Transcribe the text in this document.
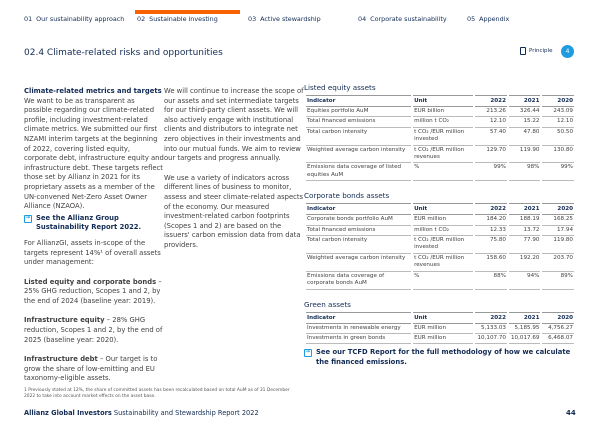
01 Our sustainability approach 02 Sustainable investing	03 Active stewardship	04 Corporate sustainability	05 Appendix
02.4 Climate-related risks and opportunities	Principle	4
Climate-related metrics and targets
We want to be as transparent as possible regarding our climate-related profile, including investment-related climate metrics. We submitted our first NZAMI interim targets at the beginning of 2022, covering listed equity, corporate debt, infrastructure equity and infrastructure debt. These targets reflect those set by Allianz in 2021 for its proprietary assets as a member of the UN-convened Net-Zero Asset Owner Alliance (NZAOA).
→
See the Allianz Group Sustainability Report 2022.
For AllianzGI, assets in-scope of the targets represent 14%¹ of overall assets under management:
Listed equity and corporate bonds – 25% GHG reduction, Scopes 1 and 2, by the end of 2024 (baseline year: 2019).
Infrastructure equity – 28% GHG reduction, Scopes 1 and 2, by the end of 2025 (baseline year: 2020).
Infrastructure debt – Our target is to grow the share of low-emitting and EU taxonomy-eligible assets.
We will continue to increase the scope of our assets and set intermediate targets for our third-party client assets. We will also actively engage with institutional clients and distributors to integrate net zero objectives in their investments and into our mutual funds. We aim to review our targets and progress annually.
We use a variety of indicators across different lines of business to monitor, assess and steer climate-related aspects of the economy. Our measured investment-related carbon footprints (Scopes 1 and 2) are based on the issuers' carbon emission data from data providers.
Listed equity assets
Indicator	Unit	2022	2021	2020
Equities portfolio AuM	EUR billion	213.26	326.44	243.09
Total financed emissions	million t CO₂	12.10	15.22	12.10
Total carbon intensity	t CO₂ /EUR million invested	57.40	47.80	50.50
Weighted average carbon intensity	t CO₂ /EUR million revenues	129.70	119.90	130.80
Emissions data coverage of listed equities AuM	%	99%	98%	99%
Corporate bonds assets
Indicator	Unit	2022	2021	2020
Corporate bonds portfolio AuM	EUR million	184.20	188.19	168.25
Total financed emissions	million t CO₂	12.33	13.72	17.94
Total carbon intensity	t CO₂ /EUR million invested	75.80	77.90	119.80
Weighted average carbon intensity	t CO₂ /EUR million revenues	158.60	192.20	203.70
Emissions data coverage of corporate bonds AuM	%	88%	94%	89%
Green assets
Indicator	Unit	2022	2021	2020
Investments in renewable energy	EUR million	5,133.03	5,185.95	4,756.27
Investments in green bonds	EUR million	10,107.70	10,017.69	6,468.07
→
See our TCFD Report for the full methodology of how we calculate the financed emissions.
1 Previously stated at 12%, the share of committed assets has been recalculated based on total AuM as of 31 December 2022 to take into account market effects on the asset base.
Allianz Global Investors Sustainability and Stewardship Report 2022	44
